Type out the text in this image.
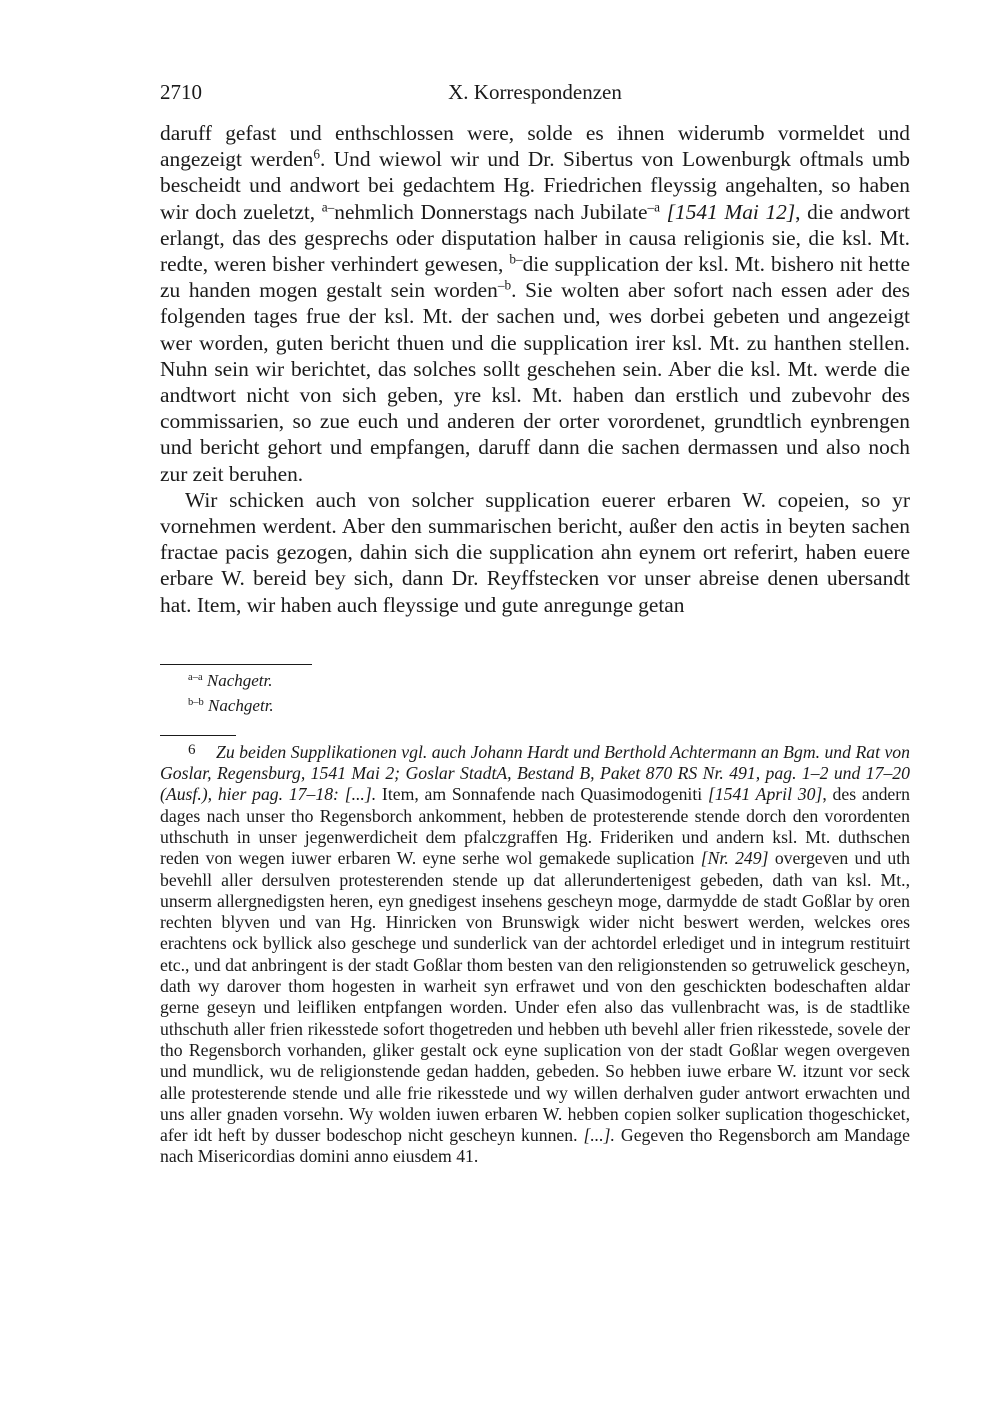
2710	X. Korrespondenzen

daruff gefast und enthschlossen were, solde es ihnen widerumb vormeldet und angezeigt werden$^6$. Und wiewol wir und Dr. Sibertus von Lowenburgk oftmals umb bescheidt und andwort bei gedachtem Hg. Friedrichen fleyssig angehalten, so haben wir doch zueletzt, $^{a-}$nehmlich Donnerstags nach Jubilate$^{-a}$ [1541 Mai 12], die andwort erlangt, das des gesprechs oder disputation halber in causa religionis sie, die ksl. Mt. redte, weren bisher verhindert gewesen, $^{b-}$die supplication der ksl. Mt. bishero nit hette zu handen mogen gestalt sein worden$^{-b}$. Sie wolten aber sofort nach essen ader des folgenden tages frue der ksl. Mt. der sachen und, wes dorbei gebeten und angezeigt wer worden, guten bericht thuen und die supplication irer ksl. Mt. zu hanthen stellen. Nuhn sein wir berichtet, das solches sollt geschehen sein. Aber die ksl. Mt. werde die andtwort nicht von sich geben, yre ksl. Mt. haben dan erstlich und zubevohr des commissarien, so zue euch und anderen der orter vorordenet, grundtlich eynbrengen und bericht gehort und empfangen, daruff dann die sachen dermassen und also noch zur zeit beruhen.

Wir schicken auch von solcher supplication euerer erbaren W. copeien, so yr vornehmen werdent. Aber den summarischen bericht, außer den actis in beyten sachen fractae pacis gezogen, dahin sich die supplication ahn eynem ort referirt, haben euere erbare W. bereid bey sich, dann Dr. Reyffstecken vor unser abreise denen ubersandt hat. Item, wir haben auch fleyssige und gute anregunge getan

$^{a-a}$ Nachgetr.
$^{b-b}$ Nachgetr.
6 Zu beiden Supplikationen vgl. auch Johann Hardt und Berthold Achtermann an Bgm. und Rat von Goslar, Regensburg, 1541 Mai 2; Goslar StadtA, Bestand B, Paket 870 RS Nr. 491, pag. 1–2 und 17–20 (Ausf.), hier pag. 17–18: [...]. Item, am Sonnafende nach Quasimodogeniti [1541 April 30], des andern dages nach unser tho Regensborch ankomment, hebben de protesterende stende dorch den vorordenten uthschuth in unser jegenwerdicheit dem pfalczgraffen Hg. Frideriken und andern ksl. Mt. duthschen reden von wegen iuwer erbaren W. eyne serhe wol gemakede suplication [Nr. 249] overgeven und uth bevehll aller dersulven protesterenden stende up dat allerundertenigest gebeden, dath van ksl. Mt., unserm allergnedigsten heren, eyn gnedigest insehens gescheyn moge, darmydde de stadt Goßlar by oren rechten blyven und van Hg. Hinricken von Brunswigk wider nicht beswert werden, welckes ores erachtens ock byllick also geschege und sunderlick van der achtordel erlediget und in integrum restituirt etc., und dat anbringent is der stadt Goßlar thom besten van den religionstenden so getruwelick gescheyn, dath wy darover thom hogesten in warheit syn erfrawet und von den geschickten bodeschaften aldar gerne geseyn und leifliken entpfangen worden. Under efen also das vullenbracht was, is de stadtlike uthschuth aller frien rikesstede sofort thogetreden und hebben uth bevehl aller frien rikesstede, sovele der tho Regensborch vorhanden, gliker gestalt ock eyne suplication von der stadt Goßlar wegen overgeven und mundlick, wu de religionstende gedan hadden, gebeden. So hebben iuwe erbare W. itzunt vor seck alle protesterende stende und alle frie rikesstede und wy willen derhalven guder antwort erwachten und uns aller gnaden vorsehn. Wy wolden iuwen erbaren W. hebben copien solker suplication thogeschicket, afer idt heft by dusser bodeschop nicht gescheyn kunnen. [...]. Gegeven tho Regensborch am Mandage nach Misericordias domini anno eiusdem 41.
